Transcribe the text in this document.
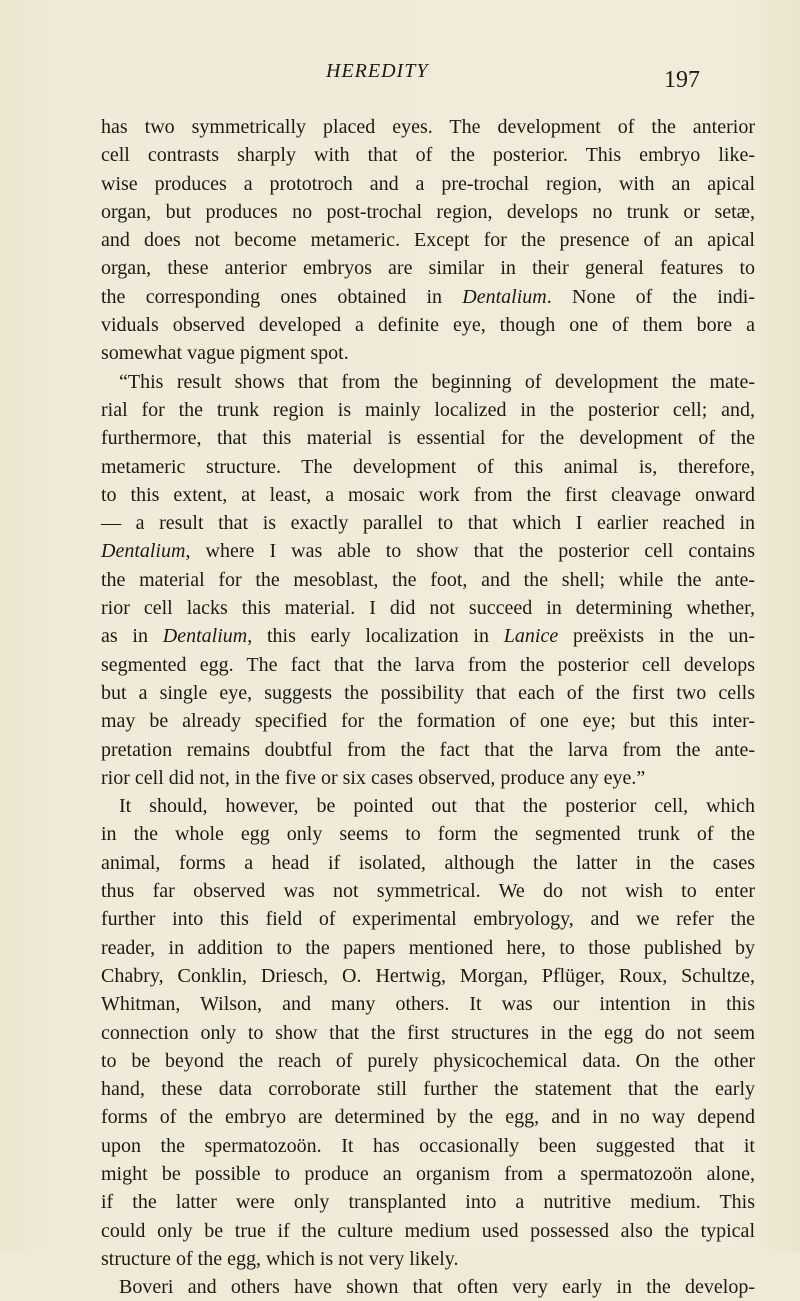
HEREDITY	197
has two symmetrically placed eyes. The development of the anterior
cell contrasts sharply with that of the posterior. This embryo like-
wise produces a prototroch and a pre-trochal region, with an apical
organ, but produces no post-trochal region, develops no trunk or setæ,
and does not become metameric. Except for the presence of an apical
organ, these anterior embryos are similar in their general features to
the corresponding ones obtained in Dentalium. None of the indi-
viduals observed developed a definite eye, though one of them bore a
somewhat vague pigment spot.
“This result shows that from the beginning of development the mate-
rial for the trunk region is mainly localized in the posterior cell; and,
furthermore, that this material is essential for the development of the
metameric structure. The development of this animal is, therefore,
to this extent, at least, a mosaic work from the first cleavage onward
— a result that is exactly parallel to that which I earlier reached in
Dentalium, where I was able to show that the posterior cell contains
the material for the mesoblast, the foot, and the shell; while the ante-
rior cell lacks this material. I did not succeed in determining whether,
as in Dentalium, this early localization in Lanice preëxists in the un-
segmented egg. The fact that the larva from the posterior cell develops
but a single eye, suggests the possibility that each of the first two cells
may be already specified for the formation of one eye; but this inter-
pretation remains doubtful from the fact that the larva from the ante-
rior cell did not, in the five or six cases observed, produce any eye.”
It should, however, be pointed out that the posterior cell, which
in the whole egg only seems to form the segmented trunk of the
animal, forms a head if isolated, although the latter in the cases
thus far observed was not symmetrical. We do not wish to enter
further into this field of experimental embryology, and we refer the
reader, in addition to the papers mentioned here, to those published by
Chabry, Conklin, Driesch, O. Hertwig, Morgan, Pflüger, Roux, Schultze,
Whitman, Wilson, and many others. It was our intention in this
connection only to show that the first structures in the egg do not seem
to be beyond the reach of purely physicochemical data. On the other
hand, these data corroborate still further the statement that the early
forms of the embryo are determined by the egg, and in no way depend
upon the spermatozoön. It has occasionally been suggested that it
might be possible to produce an organism from a spermatozoön alone,
if the latter were only transplanted into a nutritive medium. This
could only be true if the culture medium used possessed also the typical
structure of the egg, which is not very likely.
Boveri and others have shown that often very early in the develop-
